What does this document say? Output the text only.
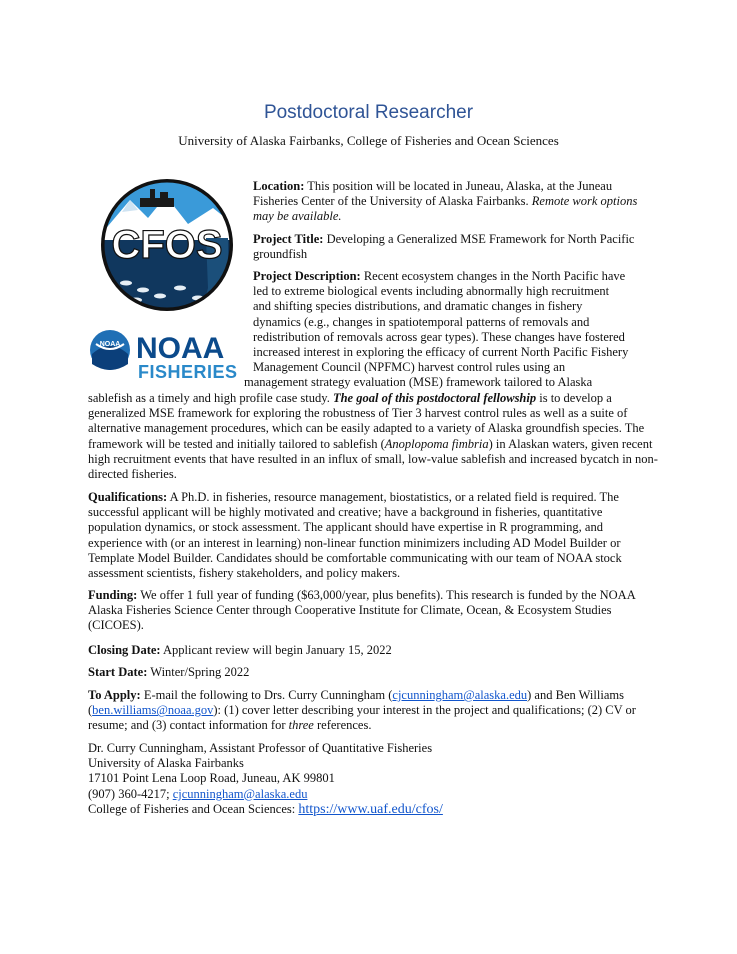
Postdoctoral Researcher
University of Alaska Fairbanks, College of Fisheries and Ocean Sciences
CFOS
NOAA NOAA
FISHERIES
Location: This position will be located in Juneau, Alaska, at the Juneau Fisheries Center of the University of Alaska Fairbanks. Remote work options may be available.
Project Title: Developing a Generalized MSE Framework for North Pacific groundfish
Project Description: Recent ecosystem changes in the North Pacific have
led to extreme biological events including abnormally high recruitment
and shifting species distributions, and dramatic changes in fishery
dynamics (e.g., changes in spatiotemporal patterns of removals and
redistribution of removals across gear types). These changes have fostered
increased interest in exploring the efficacy of current North Pacific Fishery
Management Council (NPFMC) harvest control rules using an
management strategy evaluation (MSE) framework tailored to Alaska
sablefish as a timely and high profile case study. The goal of this postdoctoral fellowship is to develop a generalized MSE framework for exploring the robustness of Tier 3 harvest control rules as well as a suite of alternative management procedures, which can be easily adapted to a variety of Alaska groundfish species. The framework will be tested and initially tailored to sablefish (Anoplopoma fimbria) in Alaskan waters, given recent high recruitment events that have resulted in an influx of small, low-value sablefish and increased bycatch in non-directed fisheries.
Qualifications: A Ph.D. in fisheries, resource management, biostatistics, or a related field is required. The successful applicant will be highly motivated and creative; have a background in fisheries, quantitative population dynamics, or stock assessment. The applicant should have expertise in R programming, and experience with (or an interest in learning) non-linear function minimizers including AD Model Builder or Template Model Builder. Candidates should be comfortable communicating with our team of NOAA stock assessment scientists, fishery stakeholders, and policy makers.
Funding: We offer 1 full year of funding ($63,000/year, plus benefits). This research is funded by the NOAA Alaska Fisheries Science Center through Cooperative Institute for Climate, Ocean, & Ecosystem Studies (CICOES).
Closing Date: Applicant review will begin January 15, 2022
Start Date: Winter/Spring 2022
To Apply: E-mail the following to Drs. Curry Cunningham (cjcunningham@alaska.edu) and Ben Williams (ben.williams@noaa.gov): (1) cover letter describing your interest in the project and qualifications; (2) CV or resume; and (3) contact information for three references.
Dr. Curry Cunningham, Assistant Professor of Quantitative Fisheries
University of Alaska Fairbanks
17101 Point Lena Loop Road, Juneau, AK 99801
(907) 360-4217; cjcunningham@alaska.edu
College of Fisheries and Ocean Sciences: https://www.uaf.edu/cfos/
